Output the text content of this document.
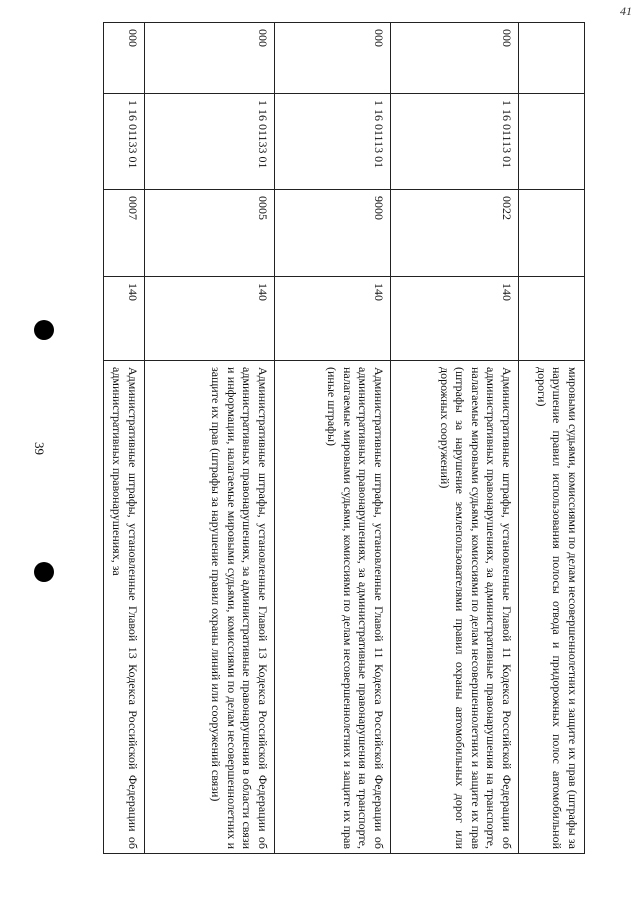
41
39	мировыми судьями, комиссиями по делам несовершеннолетних и защите их прав (штрафы за нарушение правил использования полосы отвода и придорожных полос автомобильной дороги)
000
1 16 01113 01
0022
140
Административные штрафы, установленные Главой 11 Кодекса Российской Федерации об административных правонарушениях, за административные правонарушения на транспорте, налагаемые мировыми судьями, комиссиями по делам несовершеннолетних и защите их прав (штрафы за нарушение землепользователями правил охраны автомобильных дорог или дорожных сооружений)
000
1 16 01113 01
9000
140
Административные штрафы, установленные Главой 11 Кодекса Российской Федерации об административных правонарушениях, за административные правонарушения на транспорте, налагаемые мировыми судьями, комиссиями по делам несовершеннолетних и защите их прав (иные штрафы)
000
1 16 01133 01
0005
140
Административные штрафы, установленные Главой 13 Кодекса Российской Федерации об административных правонарушениях, за административные правонарушения в области связи и информации, налагаемые мировыми судьями, комиссиями по делам несовершеннолетних и защите их прав (штрафы за нарушение правил охраны линий или сооружений связи)
000
1 16 01133 01
0007
140
Административные штрафы, установленные Главой 13 Кодекса Российской Федерации об административных правонарушениях, за
